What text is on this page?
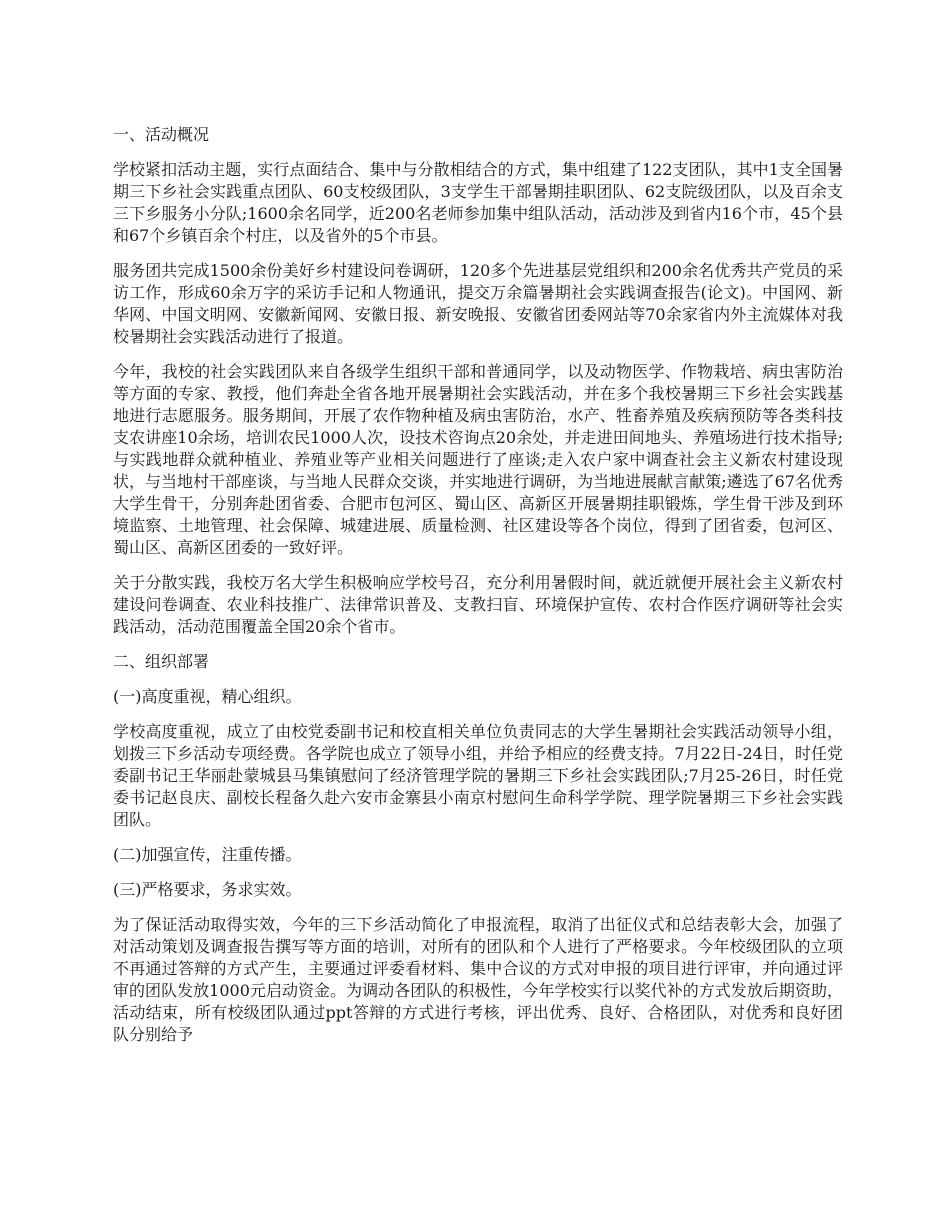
一、活动概况
学校紧扣活动主题，实行点面结合、集中与分散相结合的方式，集中组建了122支团队，其中1支全国暑期三下乡社会实践重点团队、60支校级团队，3支学生干部暑期挂职团队、62支院级团队，以及百余支三下乡服务小分队;1600余名同学，近200名老师参加集中组队活动，活动涉及到省内16个市，45个县和67个乡镇百余个村庄，以及省外的5个市县。
服务团共完成1500余份美好乡村建设问卷调研，120多个先进基层党组织和200余名优秀共产党员的采访工作，形成60余万字的采访手记和人物通讯，提交万余篇暑期社会实践调查报告(论文)。中国网、新华网、中国文明网、安徽新闻网、安徽日报、新安晚报、安徽省团委网站等70余家省内外主流媒体对我校暑期社会实践活动进行了报道。
今年，我校的社会实践团队来自各级学生组织干部和普通同学，以及动物医学、作物栽培、病虫害防治等方面的专家、教授，他们奔赴全省各地开展暑期社会实践活动，并在多个我校暑期三下乡社会实践基地进行志愿服务。服务期间，开展了农作物种植及病虫害防治，水产、牲畜养殖及疾病预防等各类科技支农讲座10余场，培训农民1000人次，设技术咨询点20余处，并走进田间地头、养殖场进行技术指导;与实践地群众就种植业、养殖业等产业相关问题进行了座谈;走入农户家中调查社会主义新农村建设现状，与当地村干部座谈，与当地人民群众交谈，并实地进行调研，为当地进展献言献策;遴选了67名优秀大学生骨干，分别奔赴团省委、合肥市包河区、蜀山区、高新区开展暑期挂职锻炼，学生骨干涉及到环境监察、土地管理、社会保障、城建进展、质量检测、社区建设等各个岗位，得到了团省委，包河区、蜀山区、高新区团委的一致好评。
关于分散实践，我校万名大学生积极响应学校号召，充分利用暑假时间，就近就便开展社会主义新农村建设问卷调查、农业科技推广、法律常识普及、支教扫盲、环境保护宣传、农村合作医疗调研等社会实践活动，活动范围覆盖全国20余个省市。
二、组织部署
(一)高度重视，精心组织。
学校高度重视，成立了由校党委副书记和校直相关单位负责同志的大学生暑期社会实践活动领导小组，划拨三下乡活动专项经费。各学院也成立了领导小组，并给予相应的经费支持。7月22日-24日，时任党委副书记王华丽赴蒙城县马集镇慰问了经济管理学院的暑期三下乡社会实践团队;7月25-26日，时任党委书记赵良庆、副校长程备久赴六安市金寨县小南京村慰问生命科学学院、理学院暑期三下乡社会实践团队。
(二)加强宣传，注重传播。
(三)严格要求，务求实效。
为了保证活动取得实效，今年的三下乡活动简化了申报流程，取消了出征仪式和总结表彰大会，加强了对活动策划及调查报告撰写等方面的培训，对所有的团队和个人进行了严格要求。今年校级团队的立项不再通过答辩的方式产生，主要通过评委看材料、集中合议的方式对申报的项目进行评审，并向通过评审的团队发放1000元启动资金。为调动各团队的积极性，今年学校实行以奖代补的方式发放后期资助，活动结束，所有校级团队通过ppt答辩的方式进行考核，评出优秀、良好、合格团队，对优秀和良好团队分别给予
